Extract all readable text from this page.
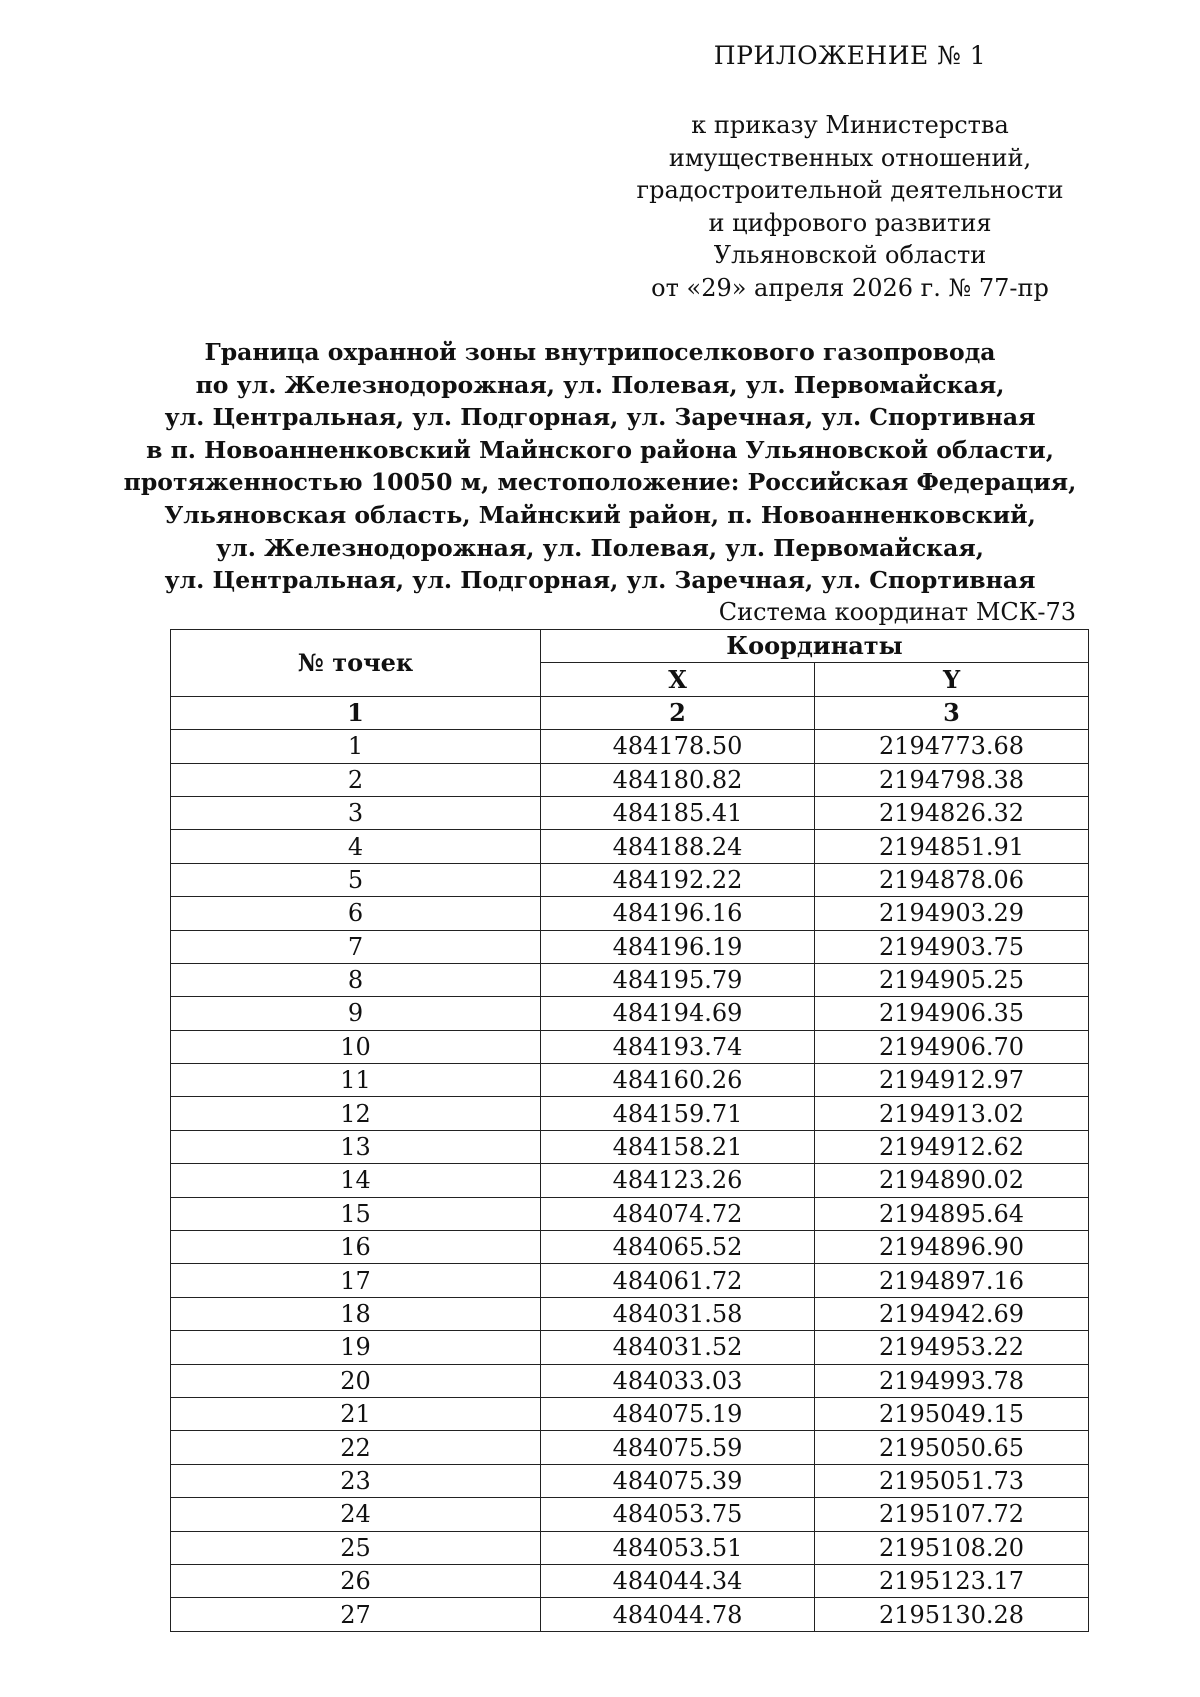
ПРИЛОЖЕНИЕ № 1
к приказу Министерства
имущественных отношений,
градостроительной деятельности
и цифрового развития
Ульяновской области
от «29» апреля 2026 г. № 77-пр
Граница охранной зоны внутрипоселкового газопровода
по ул. Железнодорожная, ул. Полевая, ул. Первомайская,
ул. Центральная, ул. Подгорная, ул. Заречная, ул. Спортивная
в п. Новоанненковский Майнского района Ульяновской области,
протяженностью 10050 м, местоположение: Российская Федерация,
Ульяновская область, Майнский район, п. Новоанненковский,
ул. Железнодорожная, ул. Полевая, ул. Первомайская,
ул. Центральная, ул. Подгорная, ул. Заречная, ул. Спортивная
Система координат МСК-73
№ точек	Координаты	
	X	Y
1	2	3
1	484178.50	2194773.68
2	484180.82	2194798.38
3	484185.41	2194826.32
4	484188.24	2194851.91
5	484192.22	2194878.06
6	484196.16	2194903.29
7	484196.19	2194903.75
8	484195.79	2194905.25
9	484194.69	2194906.35
10	484193.74	2194906.70
11	484160.26	2194912.97
12	484159.71	2194913.02
13	484158.21	2194912.62
14	484123.26	2194890.02
15	484074.72	2194895.64
16	484065.52	2194896.90
17	484061.72	2194897.16
18	484031.58	2194942.69
19	484031.52	2194953.22
20	484033.03	2194993.78
21	484075.19	2195049.15
22	484075.59	2195050.65
23	484075.39	2195051.73
24	484053.75	2195107.72
25	484053.51	2195108.20
26	484044.34	2195123.17
27	484044.78	2195130.28
